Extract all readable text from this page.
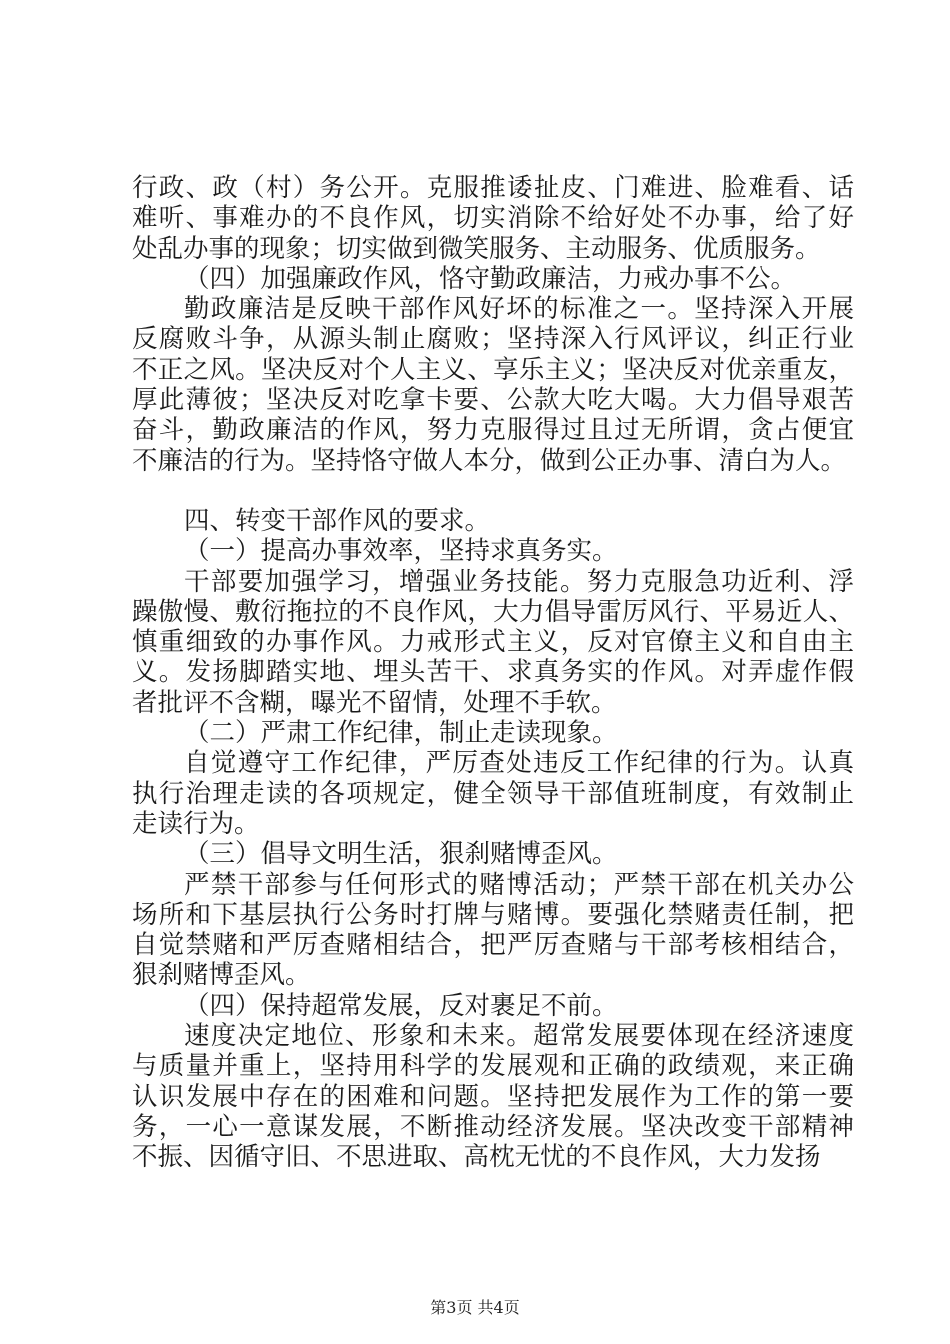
行政、政（村）务公开。克服推诿扯皮、门难进、脸难看、话
难听、事难办的不良作风，切实消除不给好处不办事，给了好
处乱办事的现象；切实做到微笑服务、主动服务、优质服务。
（四）加强廉政作风，恪守勤政廉洁，力戒办事不公。
勤政廉洁是反映干部作风好坏的标准之一。坚持深入开展
反腐败斗争，从源头制止腐败；坚持深入行风评议，纠正行业
不正之风。坚决反对个人主义、享乐主义；坚决反对优亲重友，
厚此薄彼；坚决反对吃拿卡要、公款大吃大喝。大力倡导艰苦
奋斗，勤政廉洁的作风，努力克服得过且过无所谓，贪占便宜
不廉洁的行为。坚持恪守做人本分，做到公正办事、清白为人。
四、转变干部作风的要求。
（一）提高办事效率，坚持求真务实。
干部要加强学习，增强业务技能。努力克服急功近利、浮
躁傲慢、敷衍拖拉的不良作风，大力倡导雷厉风行、平易近人、
慎重细致的办事作风。力戒形式主义，反对官僚主义和自由主
义。发扬脚踏实地、埋头苦干、求真务实的作风。对弄虚作假
者批评不含糊，曝光不留情，处理不手软。
（二）严肃工作纪律，制止走读现象。
自觉遵守工作纪律，严厉查处违反工作纪律的行为。认真
执行治理走读的各项规定，健全领导干部值班制度，有效制止
走读行为。
（三）倡导文明生活，狠刹赌博歪风。
严禁干部参与任何形式的赌博活动；严禁干部在机关办公
场所和下基层执行公务时打牌与赌博。要强化禁赌责任制，把
自觉禁赌和严厉查赌相结合，把严厉查赌与干部考核相结合，
狠刹赌博歪风。
（四）保持超常发展，反对裹足不前。
速度决定地位、形象和未来。超常发展要体现在经济速度
与质量并重上，坚持用科学的发展观和正确的政绩观，来正确
认识发展中存在的困难和问题。坚持把发展作为工作的第一要
务，一心一意谋发展，不断推动经济发展。坚决改变干部精神
不振、因循守旧、不思进取、高枕无忧的不良作风，大力发扬
第3页 共4页
